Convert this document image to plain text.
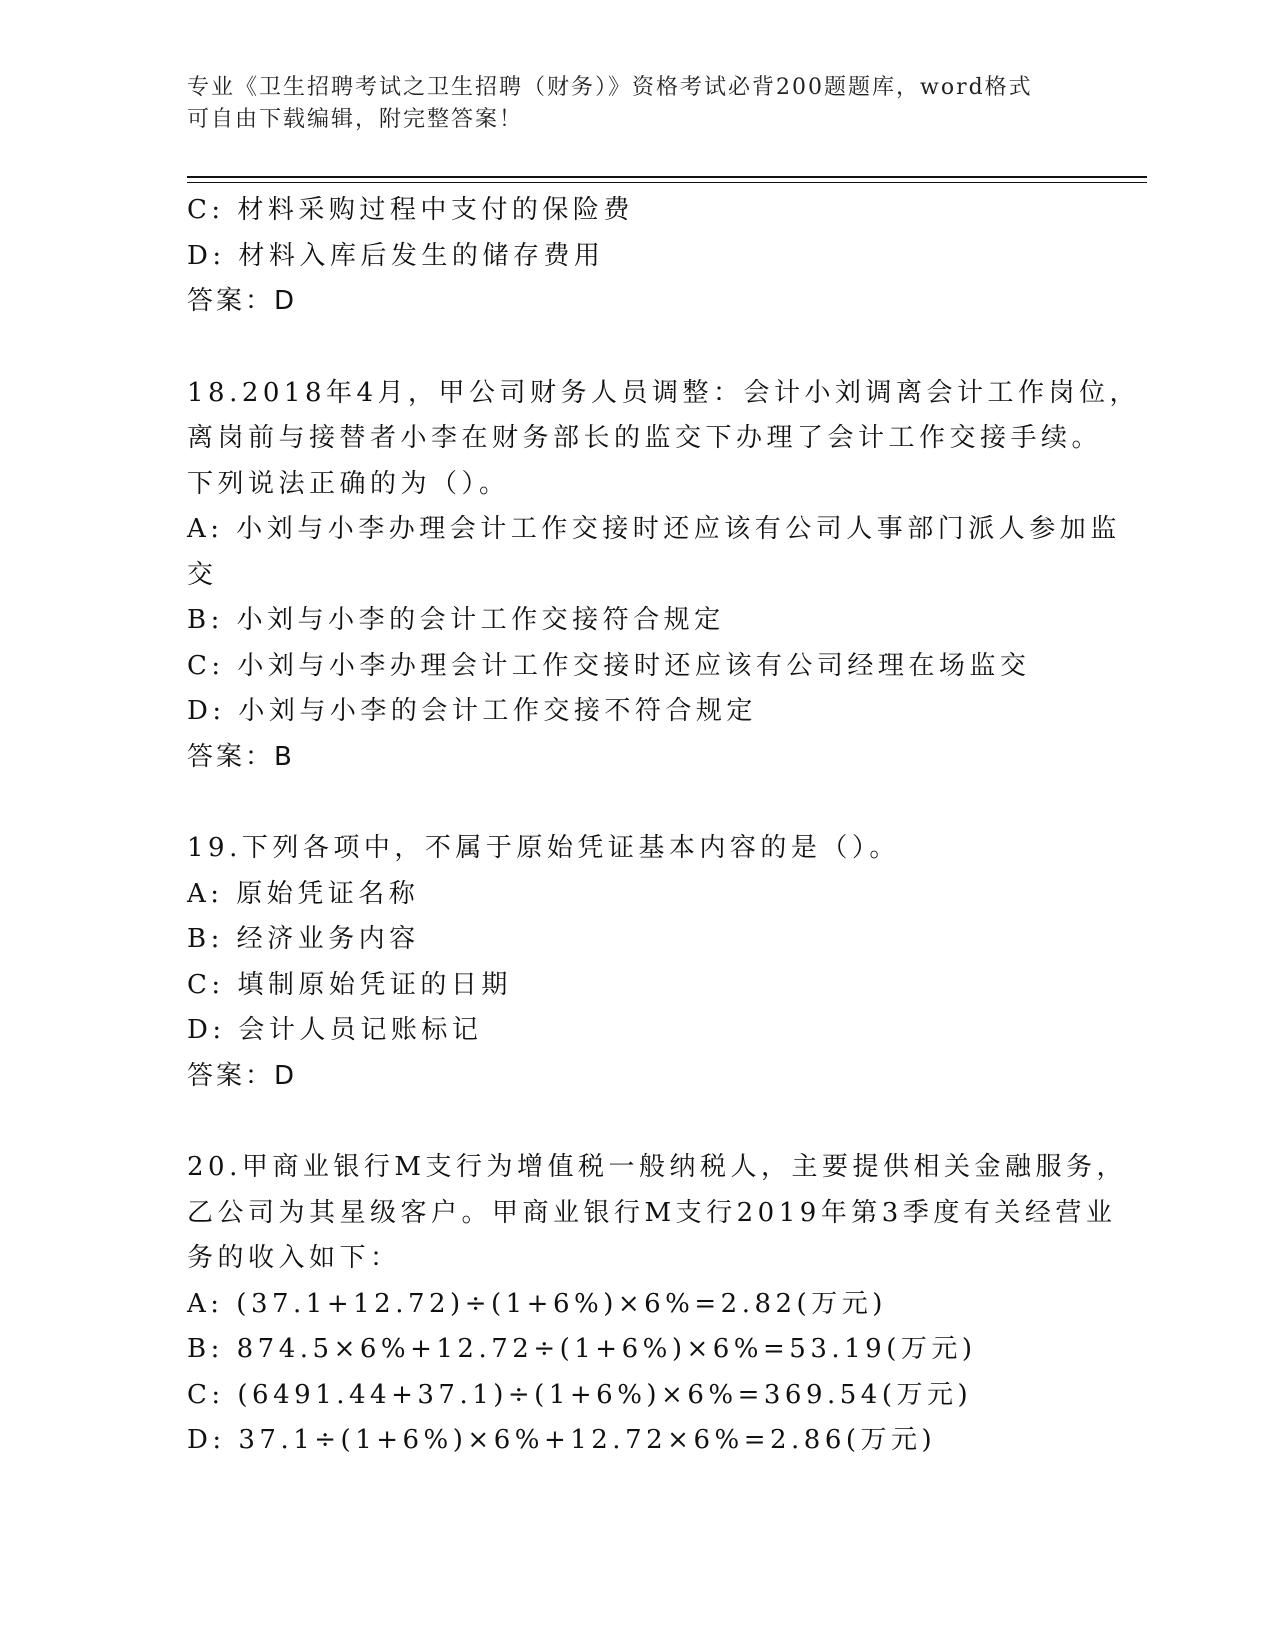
专业《卫生招聘考试之卫生招聘（财务）》资格考试必背200题题库，word格式
可自由下载编辑，附完整答案！

C: 材料采购过程中支付的保险费

D: 材料入库后发生的储存费用

答案：D

18.2018年4月，甲公司财务人员调整：会计小刘调离会计工作岗位，

离岗前与接替者小李在财务部长的监交下办理了会计工作交接手续。

下列说法正确的为（）。

A: 小刘与小李办理会计工作交接时还应该有公司人事部门派人参加监

交

B: 小刘与小李的会计工作交接符合规定

C: 小刘与小李办理会计工作交接时还应该有公司经理在场监交

D: 小刘与小李的会计工作交接不符合规定

答案：B

19.下列各项中，不属于原始凭证基本内容的是（）。

A: 原始凭证名称

B: 经济业务内容

C: 填制原始凭证的日期

D: 会计人员记账标记

答案：D

20.甲商业银行M支行为增值税一般纳税人，主要提供相关金融服务，

乙公司为其星级客户。甲商业银行M支行2019年第3季度有关经营业

务的收入如下：

A: (37.1+12.72)÷(1+6%)×6%=2.82(万元)

B: 874.5×6%+12.72÷(1+6%)×6%=53.19(万元)

C: (6491.44+37.1)÷(1+6%)×6%=369.54(万元)

D: 37.1÷(1+6%)×6%+12.72×6%=2.86(万元)
